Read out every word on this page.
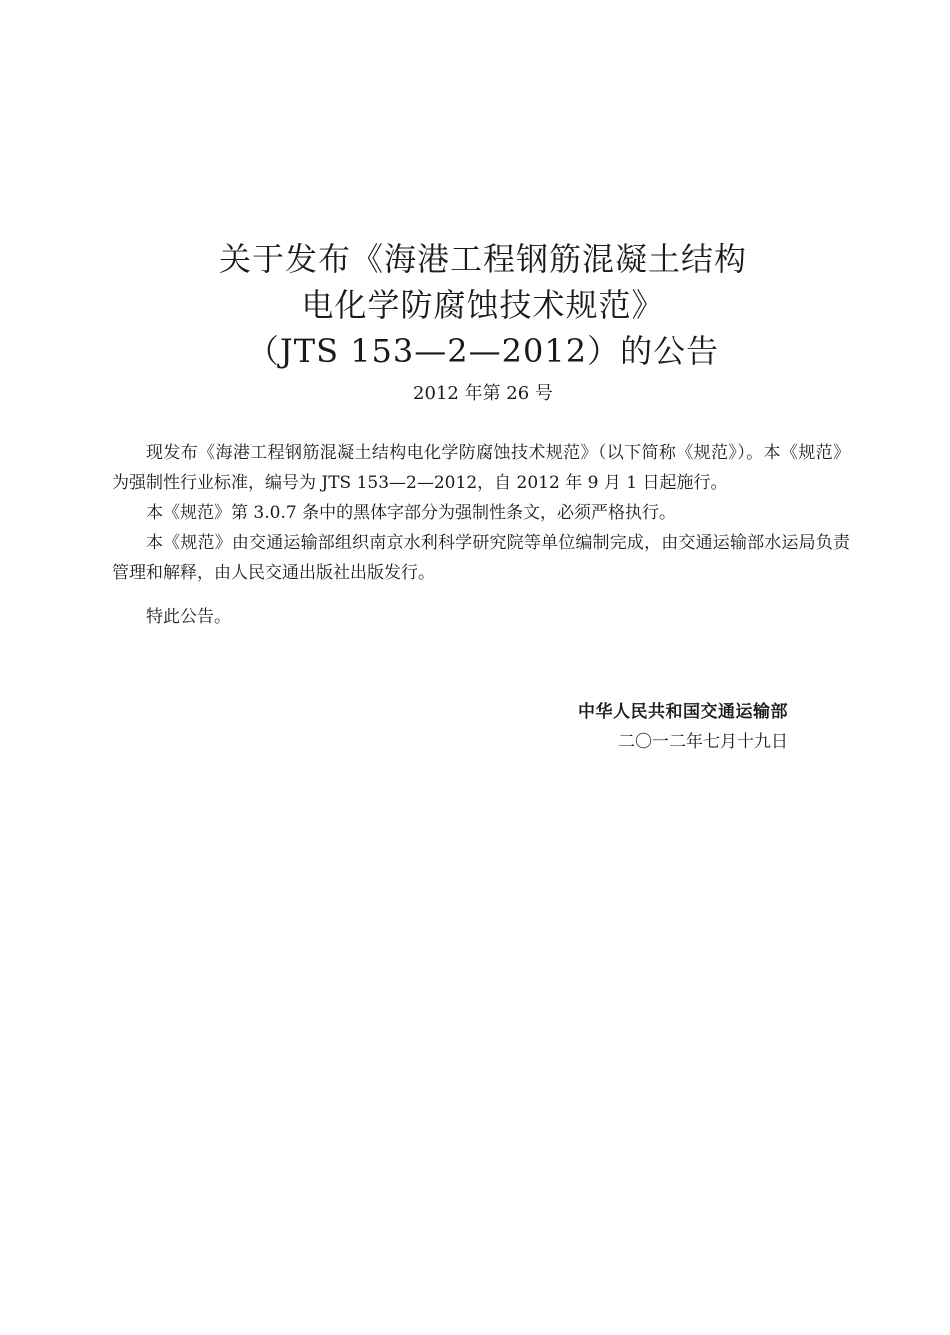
关于发布《海港工程钢筋混凝土结构
电化学防腐蚀技术规范》
（JTS 153—2—2012）的公告
2012 年第 26 号

现发布《海港工程钢筋混凝土结构电化学防腐蚀技术规范》（以下简称《规范》）。本《规范》为强制性行业标准，编号为 JTS 153—2—2012，自 2012 年 9 月 1 日起施行。

本《规范》第 3.0.7 条中的黑体字部分为强制性条文，必须严格执行。

本《规范》由交通运输部组织南京水利科学研究院等单位编制完成，由交通运输部水运局负责管理和解释，由人民交通出版社出版发行。

特此公告。

中华人民共和国交通运输部
二〇一二年七月十九日
